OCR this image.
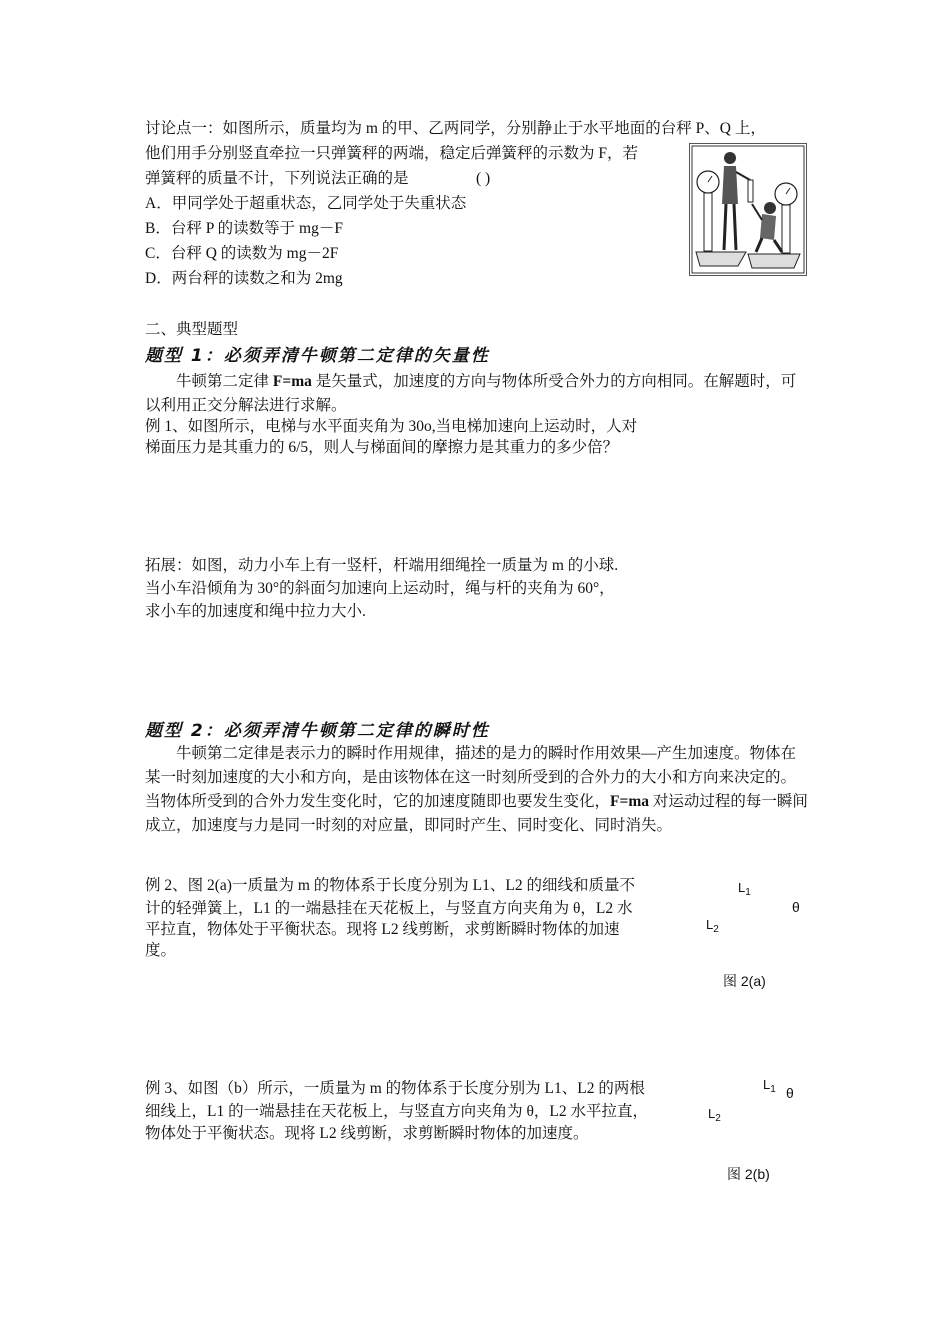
讨论点一：如图所示，质量均为 m 的甲、乙两同学，分别静止于水平地面的台秤 P、Q 上，
他们用手分别竖直牵拉一只弹簧秤的两端，稳定后弹簧秤的示数为 F，若
弹簧秤的质量不计，下列说法正确的是	( )
A．甲同学处于超重状态，乙同学处于失重状态
B．台秤 P 的读数等于 mg－F
C．台秤 Q 的读数为 mg－2F
D．两台秤的读数之和为 2mg
二、典型题型
题型 1：必须弄清牛顿第二定律的矢量性
牛顿第二定律 F=ma 是矢量式，加速度的方向与物体所受合外力的方向相同。在解题时，可以利用正交分解法进行求解。
例 1、如图所示，电梯与水平面夹角为 30o,当电梯加速向上运动时，人对
梯面压力是其重力的 6/5，则人与梯面间的摩擦力是其重力的多少倍？
拓展：如图，动力小车上有一竖杆，杆端用细绳拴一质量为 m 的小球.
当小车沿倾角为 30°的斜面匀加速向上运动时，绳与杆的夹角为 60°，
求小车的加速度和绳中拉力大小.
题型 2：必须弄清牛顿第二定律的瞬时性
牛顿第二定律是表示力的瞬时作用规律，描述的是力的瞬时作用效果—产生加速度。物体在某一时刻加速度的大小和方向，是由该物体在这一时刻所受到的合外力的大小和方向来决定的。当物体所受到的合外力发生变化时，它的加速度随即也要发生变化，F=ma 对运动过程的每一瞬间成立，加速度与力是同一时刻的对应量，即同时产生、同时变化、同时消失。
例 2、图 2(a)一质量为 m 的物体系于长度分别为 L1、L2 的细线和质量不
计的轻弹簧上，L1 的一端悬挂在天花板上，与竖直方向夹角为 θ，L2 水
平拉直，物体处于平衡状态。现将 L2 线剪断，求剪断瞬时物体的加速
度。
$L_1$
θ
$L_2$
图 2(a)
例 3、如图（b）所示，一质量为 m 的物体系于长度分别为 L1、L2 的两根
细线上，L1 的一端悬挂在天花板上，与竖直方向夹角为 θ，L2 水平拉直，
物体处于平衡状态。现将 L2 线剪断，求剪断瞬时物体的加速度。
$L_1$ θ
$L_2$
图 2(b)
